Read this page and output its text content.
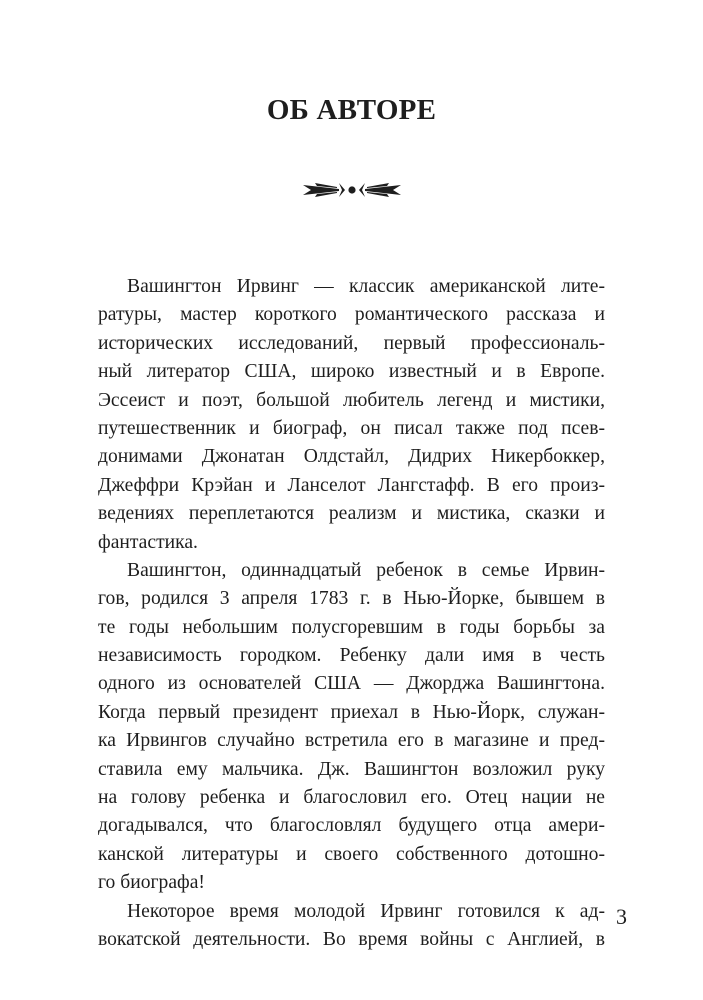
ОБ АВТОРЕ
Вашингтон Ирвинг — классик американской лите-
ратуры, мастер короткого романтического рассказа и
исторических исследований, первый профессиональ-
ный литератор США, широко известный и в Европе.
Эссеист и поэт, большой любитель легенд и мистики,
путешественник и биограф, он писал также под псев-
донимами Джонатан Олдстайл, Дидрих Никербоккер,
Джеффри Крэйан и Ланселот Лангстафф. В его произ-
ведениях переплетаются реализм и мистика, сказки и
фантастика.
Вашингтон, одиннадцатый ребенок в семье Ирвин-
гов, родился 3 апреля 1783 г. в Нью-Йорке, бывшем в
те годы небольшим полусгоревшим в годы борьбы за
независимость городком. Ребенку дали имя в честь
одного из основателей США — Джорджа Вашингтона.
Когда первый президент приехал в Нью-Йорк, служан-
ка Ирвингов случайно встретила его в магазине и пред-
ставила ему мальчика. Дж. Вашингтон возложил руку
на голову ребенка и благословил его. Отец нации не
догадывался, что благословлял будущего отца амери-
канской литературы и своего собственного дотошно-
го биографа!
Некоторое время молодой Ирвинг готовился к ад-
вокатской деятельности. Во время войны с Англией, в
3
